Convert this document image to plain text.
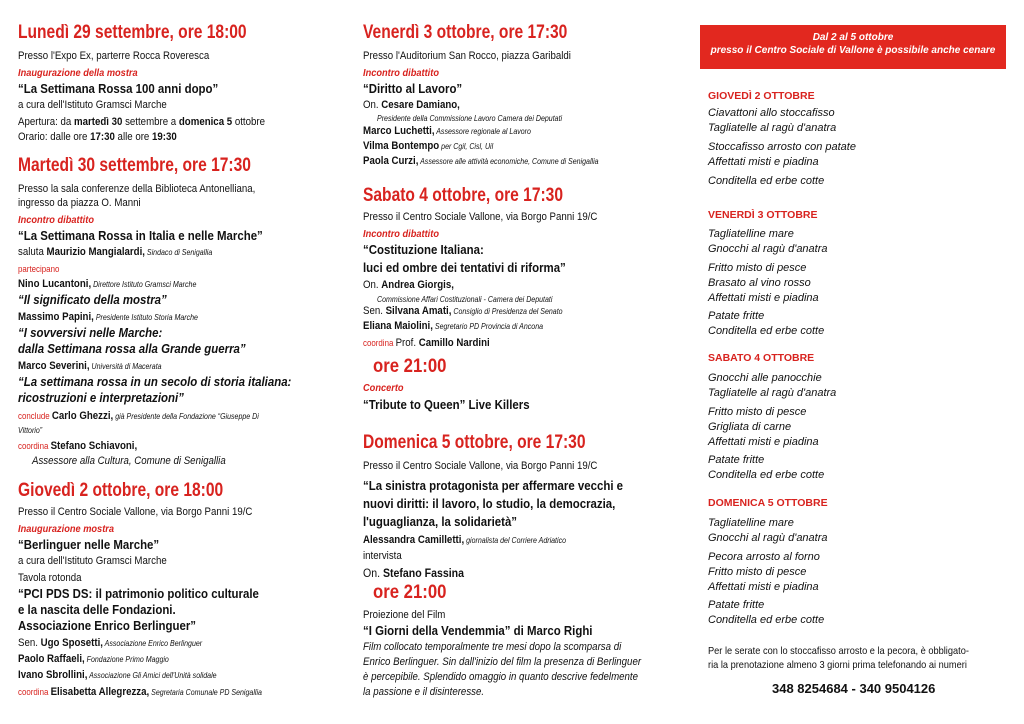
Lunedì 29 settembre, ore 18:00
Presso l'Expo Ex, parterre Rocca Roveresca
Inaugurazione della mostra
“La Settimana Rossa 100 anni dopo”
a cura dell'Istituto Gramsci Marche
Apertura: da martedì 30 settembre a domenica 5 ottobre
Orario: dalle ore 17:30 alle ore 19:30
Martedì 30 settembre, ore 17:30
Presso la sala conferenze della Biblioteca Antonelliana,
ingresso da piazza O. Manni
Incontro dibattito
“La Settimana Rossa in Italia e nelle Marche”
saluta Maurizio Mangialardi, Sindaco di Senigallia
partecipano
Nino Lucantoni, Direttore Istituto Gramsci Marche
“Il significato della mostra”
Massimo Papini, Presidente Istituto Storia Marche
“I sovversivi nelle Marche:
dalla Settimana rossa alla Grande guerra”
Marco Severini, Università di Macerata
“La settimana rossa in un secolo di storia italiana:
ricostruzioni e interpretazioni”
conclude Carlo Ghezzi, già Presidente della Fondazione “Giuseppe Di
Vittorio”
coordina Stefano Schiavoni,
Assessore alla Cultura, Comune di Senigallia
Giovedì 2 ottobre, ore 18:00
Presso il Centro Sociale Vallone, via Borgo Panni 19/C
Inaugurazione mostra
“Berlinguer nelle Marche”
a cura dell'Istituto Gramsci Marche
Tavola rotonda
“PCI PDS DS: il patrimonio politico culturale
e la nascita delle Fondazioni.
Associazione Enrico Berlinguer”
Sen. Ugo Sposetti, Associazione Enrico Berlinguer
Paolo Raffaeli, Fondazione Primo Maggio
Ivano Sbrollini, Associazione Gli Amici dell'Unità solidale
coordina Elisabetta Allegrezza, Segretaria Comunale PD Senigallia
Venerdì 3 ottobre, ore 17:30
Presso l'Auditorium San Rocco, piazza Garibaldi
Incontro dibattito
“Diritto al Lavoro”
On. Cesare Damiano,
Presidente della Commissione Lavoro Camera dei Deputati
Marco Luchetti, Assessore regionale al Lavoro
Vilma Bontempo per Cgil, Cisl, Uil
Paola Curzi, Assessore alle attività economiche, Comune di Senigallia
Sabato 4 ottobre, ore 17:30
Presso il Centro Sociale Vallone, via Borgo Panni 19/C
Incontro dibattito
“Costituzione Italiana:
luci ed ombre dei tentativi di riforma”
On. Andrea Giorgis,
Commissione Affari Costituzionali - Camera dei Deputati
Sen. Silvana Amati, Consiglio di Presidenza del Senato
Eliana Maiolini, Segretario PD Provincia di Ancona
coordina Prof. Camillo Nardini
ore 21:00
Concerto
“Tribute to Queen” Live Killers
Domenica 5 ottobre, ore 17:30
Presso il Centro Sociale Vallone, via Borgo Panni 19/C
“La sinistra protagonista per affermare vecchi e
nuovi diritti: il lavoro, lo studio, la democrazia,
l'uguaglianza, la solidarietà”
Alessandra Camilletti, giornalista del Corriere Adriatico
intervista
On. Stefano Fassina
ore 21:00
Proiezione del Film
“I Giorni della Vendemmia” di Marco Righi
Film collocato temporalmente tre mesi dopo la scomparsa di
Enrico Berlinguer. Sin dall'inizio del film la presenza di Berlinguer
è percepibile. Splendido omaggio in quanto descrive fedelmente
la passione e il disinteresse.
Dal 2 al 5 ottobre
presso il Centro Sociale di Vallone è possibile anche cenare
GIOVEDÌ 2 OTTOBRE
Ciavattoni allo stoccafisso
Tagliatelle al ragù d'anatra
Stoccafisso arrosto con patate
Affettati misti e piadina
Conditella ed erbe cotte
VENERDÌ 3 OTTOBRE
Tagliatelline mare
Gnocchi al ragù d'anatra
Fritto misto di pesce
Brasato al vino rosso
Affettati misti e piadina
Patate fritte
Conditella ed erbe cotte
SABATO 4 OTTOBRE
Gnocchi alle panocchie
Tagliatelle al ragù d'anatra
Fritto misto di pesce
Grigliata di carne
Affettati misti e piadina
Patate fritte
Conditella ed erbe cotte
DOMENICA 5 OTTOBRE
Tagliatelline mare
Gnocchi al ragù d'anatra
Pecora arrosto al forno
Fritto misto di pesce
Affettati misti e piadina
Patate fritte
Conditella ed erbe cotte
Per le serate con lo stoccafisso arrosto e la pecora, è obbligato-
ria la prenotazione almeno 3 giorni prima telefonando ai numeri
348 8254684 - 340 9504126
